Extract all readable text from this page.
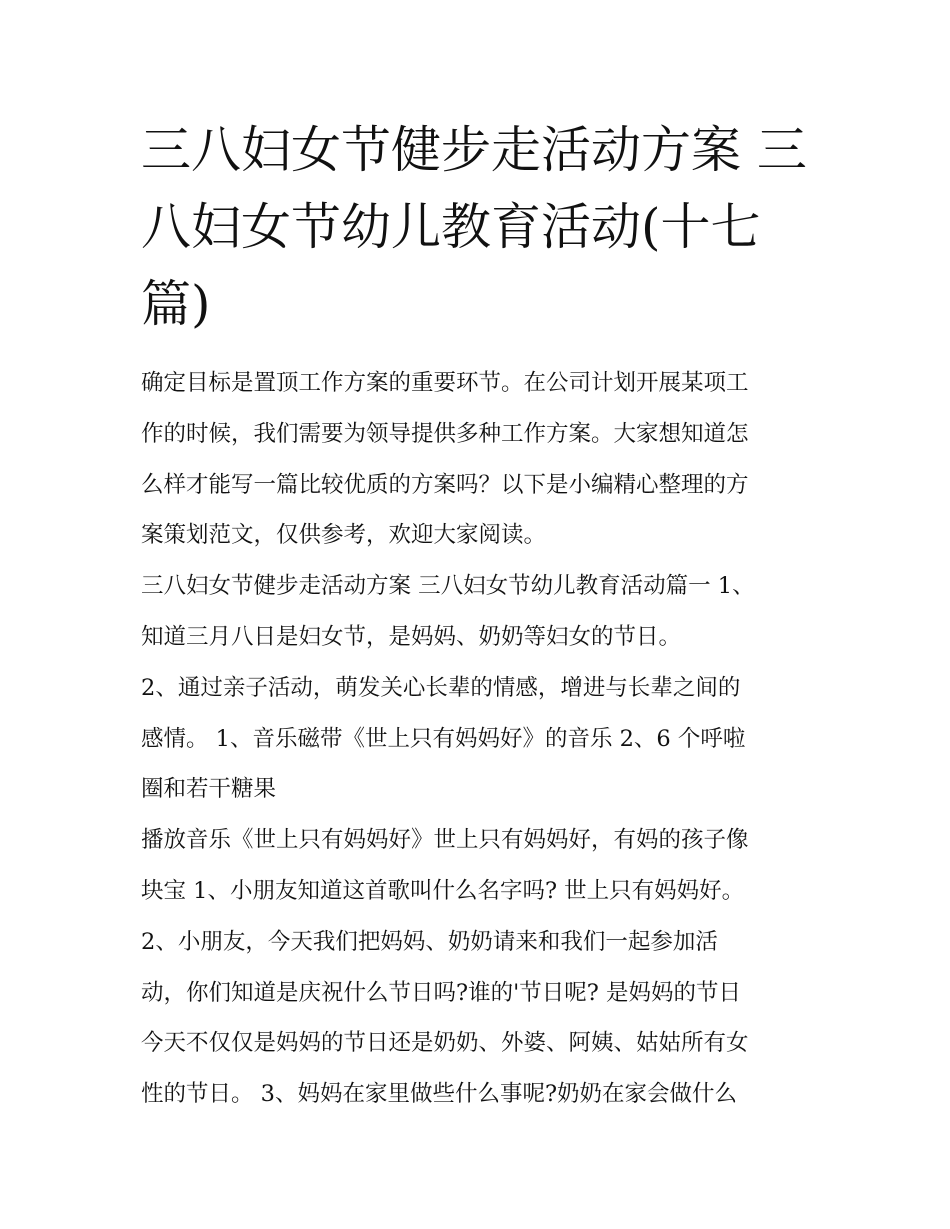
三八妇女节健步走活动方案 三
八妇女节幼儿教育活动(十七
篇)

确定目标是置顶工作方案的重要环节。在公司计划开展某项工
作的时候，我们需要为领导提供多种工作方案。大家想知道怎
么样才能写一篇比较优质的方案吗？以下是小编精心整理的方
案策划范文，仅供参考，欢迎大家阅读。

三八妇女节健步走活动方案 三八妇女节幼儿教育活动篇一 1、
知道三月八日是妇女节，是妈妈、奶奶等妇女的节日。

2、通过亲子活动，萌发关心长辈的情感，增进与长辈之间的
感情。 1、音乐磁带《世上只有妈妈好》的音乐 2、6 个呼啦
圈和若干糖果

播放音乐《世上只有妈妈好》世上只有妈妈好，有妈的孩子像
块宝 1、小朋友知道这首歌叫什么名字吗? 世上只有妈妈好。

2、小朋友，今天我们把妈妈、奶奶请来和我们一起参加活
动，你们知道是庆祝什么节日吗?谁的'节日呢? 是妈妈的节日
今天不仅仅是妈妈的节日还是奶奶、外婆、阿姨、姑姑所有女
性的节日。 3、妈妈在家里做些什么事呢?奶奶在家会做什么
